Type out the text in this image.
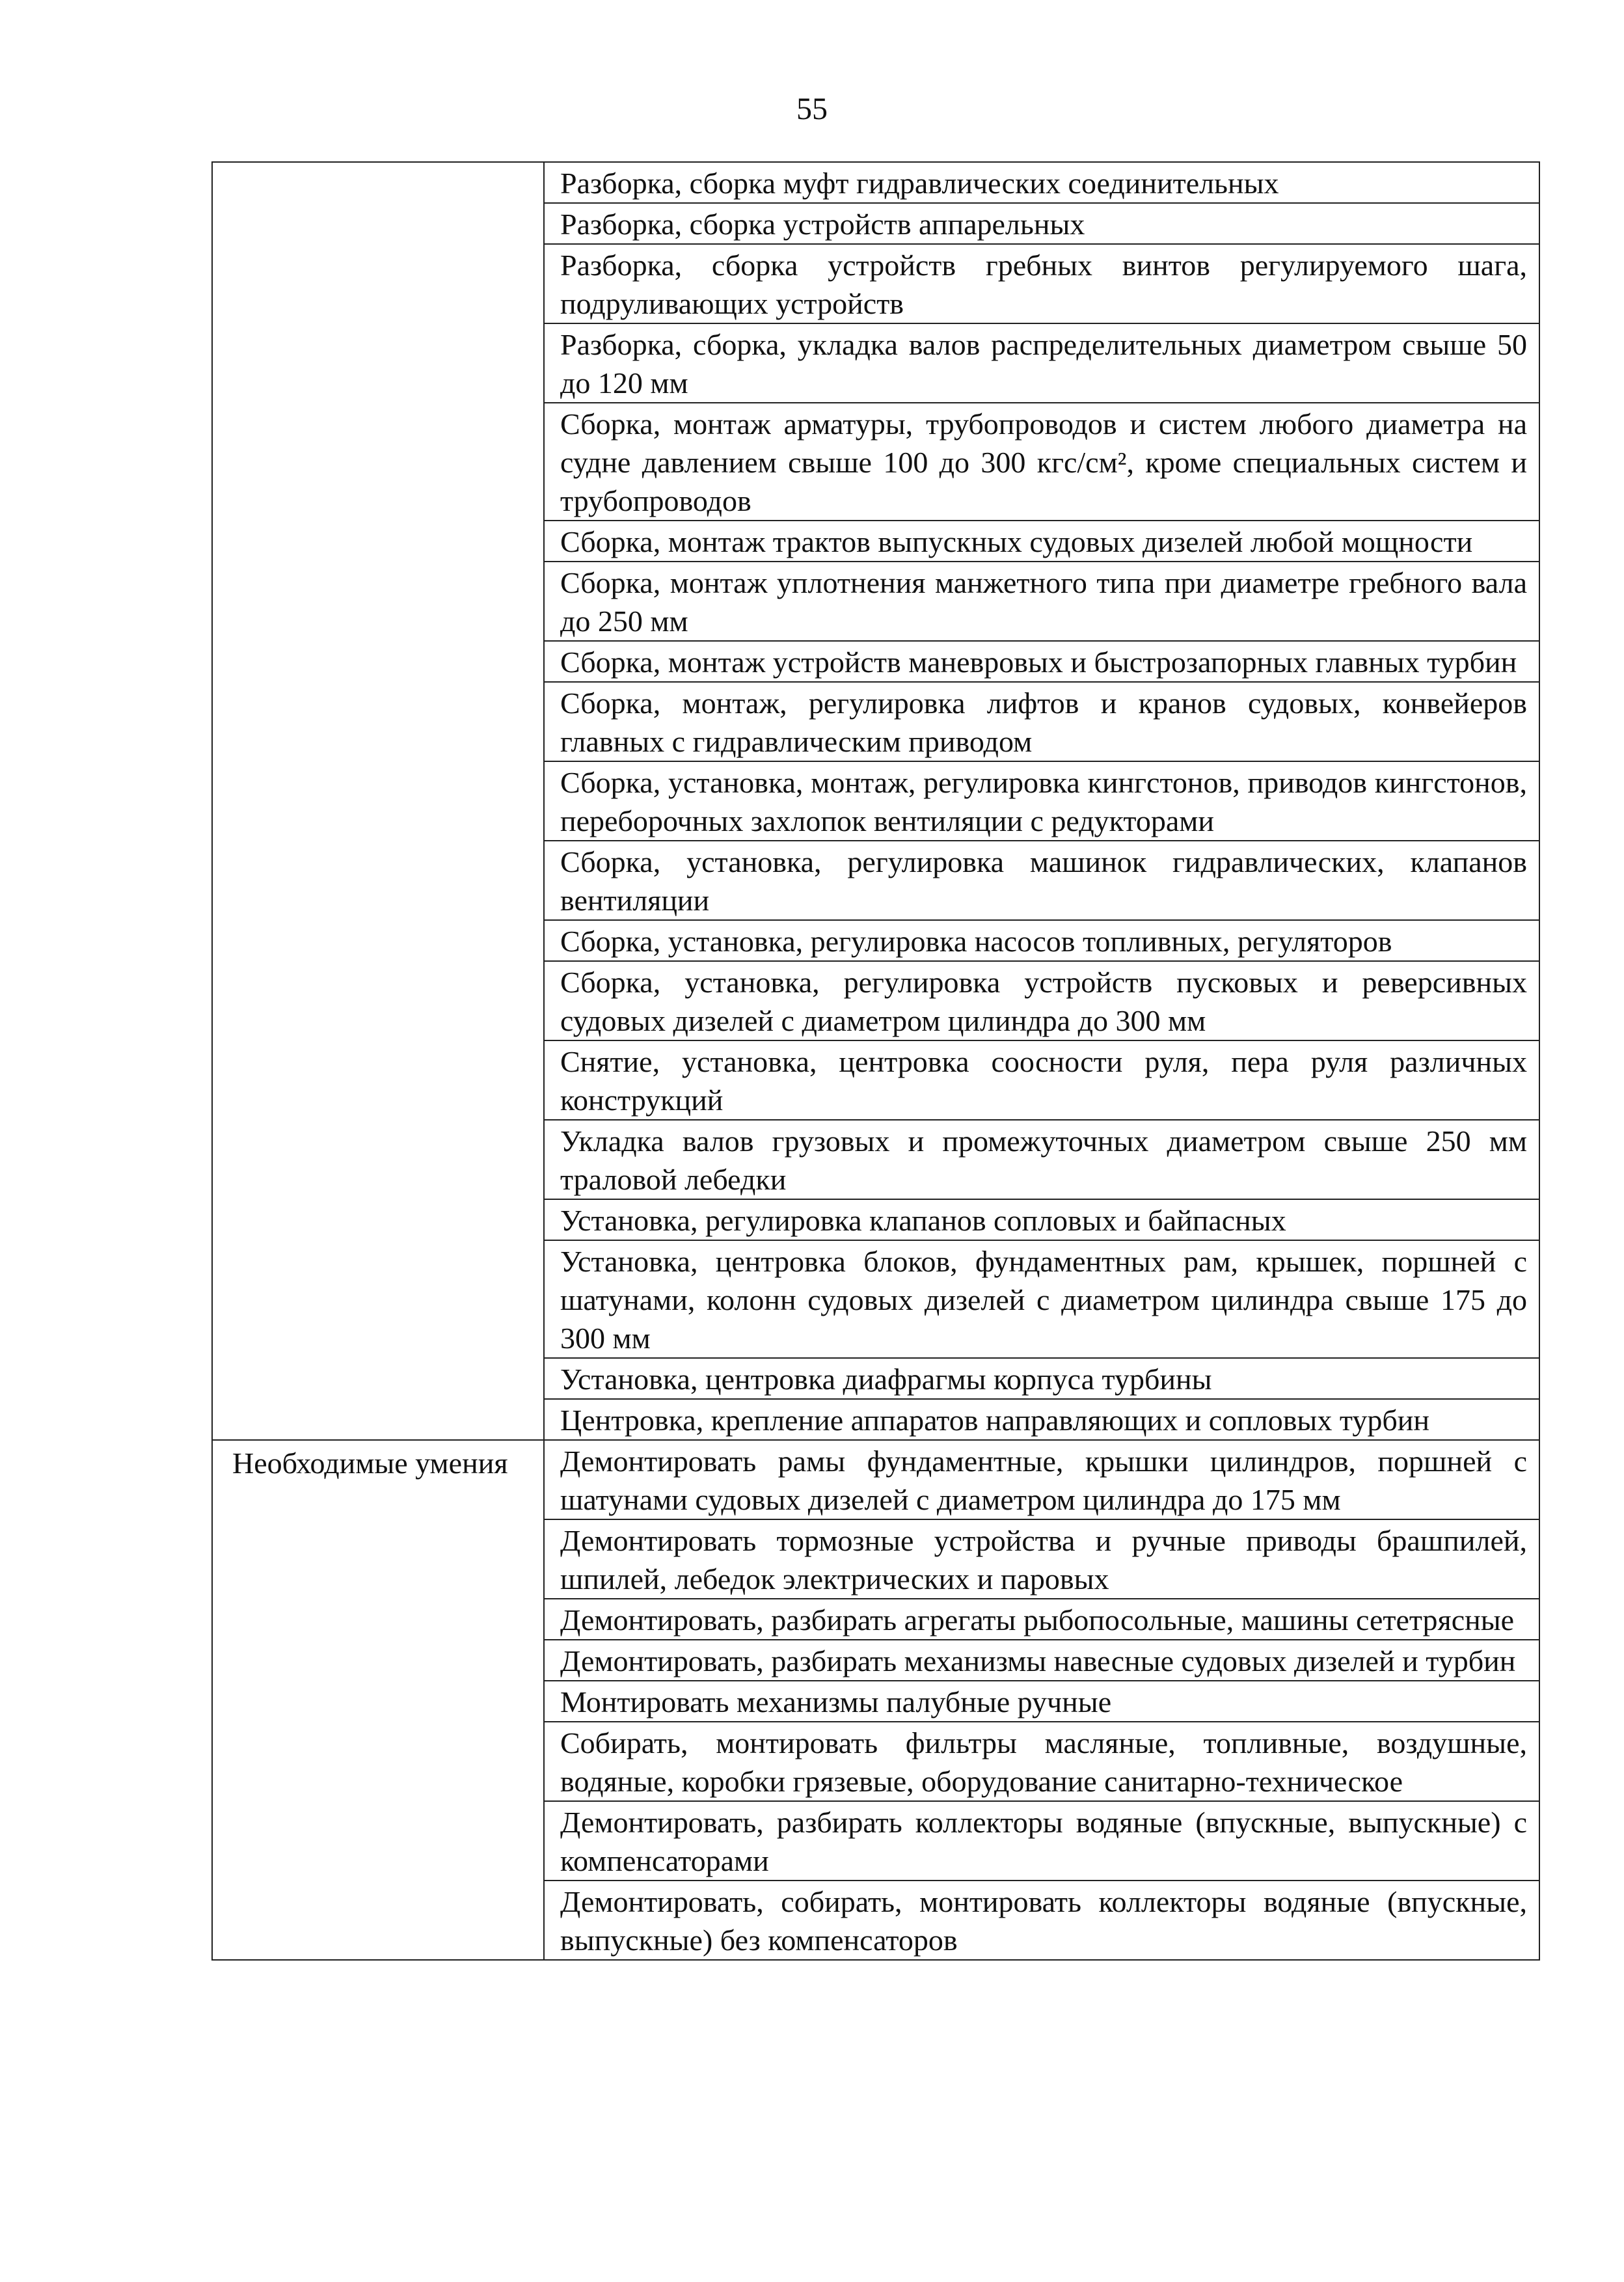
55
	Разборка, сборка муфт гидравлических соединительных
	Разборка, сборка устройств аппарельных
	Разборка, сборка устройств гребных винтов регулируемого шага, подруливающих устройств
	Разборка, сборка, укладка валов распределительных диаметром свыше 50 до 120 мм
	Сборка, монтаж арматуры, трубопроводов и систем любого диаметра на судне давлением свыше 100 до 300 кгс/см², кроме специальных систем и трубопроводов
	Сборка, монтаж трактов выпускных судовых дизелей любой мощности
	Сборка, монтаж уплотнения манжетного типа при диаметре гребного вала до 250 мм
	Сборка, монтаж устройств маневровых и быстрозапорных главных турбин
	Сборка, монтаж, регулировка лифтов и кранов судовых, конвейеров главных с гидравлическим приводом
	Сборка, установка, монтаж, регулировка кингстонов, приводов кингстонов, переборочных захлопок вентиляции с редукторами
	Сборка, установка, регулировка машинок гидравлических, клапанов вентиляции
	Сборка, установка, регулировка насосов топливных, регуляторов
	Сборка, установка, регулировка устройств пусковых и реверсивных судовых дизелей с диаметром цилиндра до 300 мм
	Снятие, установка, центровка соосности руля, пера руля различных конструкций
	Укладка валов грузовых и промежуточных диаметром свыше 250 мм траловой лебедки
	Установка, регулировка клапанов сопловых и байпасных
	Установка, центровка блоков, фундаментных рам, крышек, поршней с шатунами, колонн судовых дизелей с диаметром цилиндра свыше 175 до 300 мм
	Установка, центровка диафрагмы корпуса турбины
	Центровка, крепление аппаратов направляющих и сопловых турбин
Необходимые умения	Демонтировать рамы фундаментные, крышки цилиндров, поршней с шатунами судовых дизелей с диаметром цилиндра до 175 мм
	Демонтировать тормозные устройства и ручные приводы брашпилей, шпилей, лебедок электрических и паровых
	Демонтировать, разбирать агрегаты рыбопосольные, машины сететрясные
	Демонтировать, разбирать механизмы навесные судовых дизелей и турбин
	Монтировать механизмы палубные ручные
	Собирать, монтировать фильтры масляные, топливные, воздушные, водяные, коробки грязевые, оборудование санитарно-техническое
	Демонтировать, разбирать коллекторы водяные (впускные, выпускные) с компенсаторами
	Демонтировать, собирать, монтировать коллекторы водяные (впускные, выпускные) без компенсаторов
